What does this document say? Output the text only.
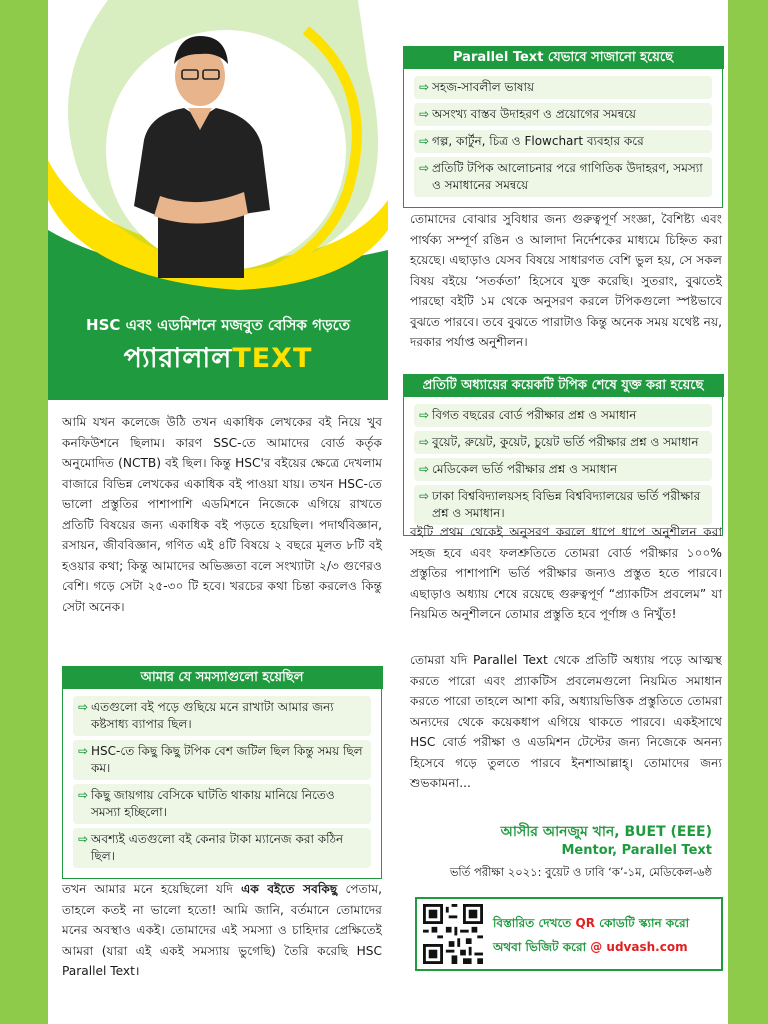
HSC এবং এডমিশনে মজবুত বেসিক গড়তে
প্যারালালTEXT

আমি যখন কলেজে উঠি তখন একাধিক লেখকের বই নিয়ে খুব কনফিউশনে ছিলাম। কারণ SSC-তে আমাদের বোর্ড কর্তৃক অনুমোদিত (NCTB) বই ছিল। কিন্তু HSC'র বইয়ের ক্ষেত্রে দেখলাম বাজারে বিভিন্ন লেখকের একাধিক বই পাওয়া যায়। তখন HSC-তে ভালো প্রস্তুতির পাশাপাশি এডমিশনে নিজেকে এগিয়ে রাখতে প্রতিটি বিষয়ের জন্য একাধিক বই পড়তে হয়েছিল। পদার্থবিজ্ঞান, রসায়ন, জীববিজ্ঞান, গণিত এই ৪টি বিষয়ে ২ বছরে মূলত ৮টি বই হওয়ার কথা; কিন্তু আমাদের অভিজ্ঞতা বলে সংখ্যাটা ২/৩ গুণেরও বেশি। গড়ে সেটা ২৫-৩০ টি হবে। খরচের কথা চিন্তা করলেও কিন্তু সেটা অনেক।

আমার যে সমস্যাগুলো হয়েছিল
⇨ এতগুলো বই পড়ে গুছিয়ে মনে রাখাটা আমার জন্য কষ্টসাধ্য ব্যাপার ছিল।
⇨ HSC-তে কিছু কিছু টপিক বেশ জটিল ছিল কিন্তু সময় ছিল কম।
⇨ কিছু জায়গায় বেসিকে ঘাটতি থাকায় মানিয়ে নিতেও সমস্যা হচ্ছিলো।
⇨ অবশ্যই এতগুলো বই কেনার টাকা ম্যানেজ করা কঠিন ছিল।

তখন আমার মনে হয়েছিলো যদি এক বইতে সবকিছু পেতাম, তাহলে কতই না ভালো হতো! আমি জানি, বর্তমানে তোমাদের মনের অবস্থাও একই। তোমাদের এই সমস্যা ও চাহিদার প্রেক্ষিতেই আমরা (যারা এই একই সমস্যায় ভুগেছি) তৈরি করেছি HSC Parallel Text।

Parallel Text যেভাবে সাজানো হয়েছে
⇨ সহজ-সাবলীল ভাষায়
⇨ অসংখ্য বাস্তব উদাহরণ ও প্রয়োগের সমন্বয়ে
⇨ গল্প, কার্টুন, চিত্র ও Flowchart ব্যবহার করে
⇨ প্রতিটি টপিক আলোচনার পরে গাণিতিক উদাহরণ, সমস্যা ও সমাধানের সমন্বয়ে

তোমাদের বোঝার সুবিধার জন্য গুরুত্বপূর্ণ সংজ্ঞা, বৈশিষ্ট্য এবং পার্থক্য সম্পূর্ণ রঙিন ও আলাদা নির্দেশকের মাধ্যমে চিহ্নিত করা হয়েছে। এছাড়াও যেসব বিষয়ে সাধারণত বেশি ভুল হয়, সে সকল বিষয় বইয়ে ‘সতর্কতা’ হিসেবে যুক্ত করেছি। সুতরাং, বুঝতেই পারছো বইটি ১ম থেকে অনুসরণ করলে টপিকগুলো স্পষ্টভাবে বুঝতে পারবে। তবে বুঝতে পারাটাও কিন্তু অনেক সময় যথেষ্ট নয়, দরকার পর্যাপ্ত অনুশীলন।

প্রতিটি অধ্যায়ের কয়েকটি টপিক শেষে যুক্ত করা হয়েছে
⇨ বিগত বছরের বোর্ড পরীক্ষার প্রশ্ন ও সমাধান
⇨ বুয়েট, রুয়েট, কুয়েট, চুয়েট ভর্তি পরীক্ষার প্রশ্ন ও সমাধান
⇨ মেডিকেল ভর্তি পরীক্ষার প্রশ্ন ও সমাধান
⇨ ঢাকা বিশ্ববিদ্যালয়সহ বিভিন্ন বিশ্ববিদ্যালয়ের ভর্তি পরীক্ষার প্রশ্ন ও সমাধান।

বইটি প্রথম থেকেই অনুসরণ করলে ধাপে ধাপে অনুশীলন করা সহজ হবে এবং ফলশ্রুতিতে তোমরা বোর্ড পরীক্ষার ১০০% প্রস্তুতির পাশাপাশি ভর্তি পরীক্ষার জন্যও প্রস্তুত হতে পারবে। এছাড়াও অধ্যায় শেষে রয়েছে গুরুত্বপূর্ণ “প্র্যাকটিস প্রবলেম” যা নিয়মিত অনুশীলনে তোমার প্রস্তুতি হবে পূর্ণাঙ্গ ও নিখুঁত!

তোমরা যদি Parallel Text থেকে প্রতিটি অধ্যায় পড়ে আত্মস্থ করতে পারো এবং প্র্যাকটিস প্রবলেমগুলো নিয়মিত সমাধান করতে পারো তাহলে আশা করি, অধ্যায়ভিত্তিক প্রস্তুতিতে তোমরা অন্যদের থেকে কয়েকধাপ এগিয়ে থাকতে পারবে। একইসাথে HSC বোর্ড পরীক্ষা ও এডমিশন টেস্টের জন্য নিজেকে অনন্য হিসেবে গড়ে তুলতে পারবে ইনশাআল্লাহ্‌। তোমাদের জন্য শুভকামনা...

আসীর আনজুম খান, BUET (EEE)
Mentor, Parallel Text
ভর্তি পরীক্ষা ২০২১: বুয়েট ও ঢাবি ‘ক’-১ম, মেডিকেল-৬ষ্ঠ
বিস্তারিত দেখতে QR কোডটি স্ক্যান করো
অথবা ভিজিট করো @ udvash.com
